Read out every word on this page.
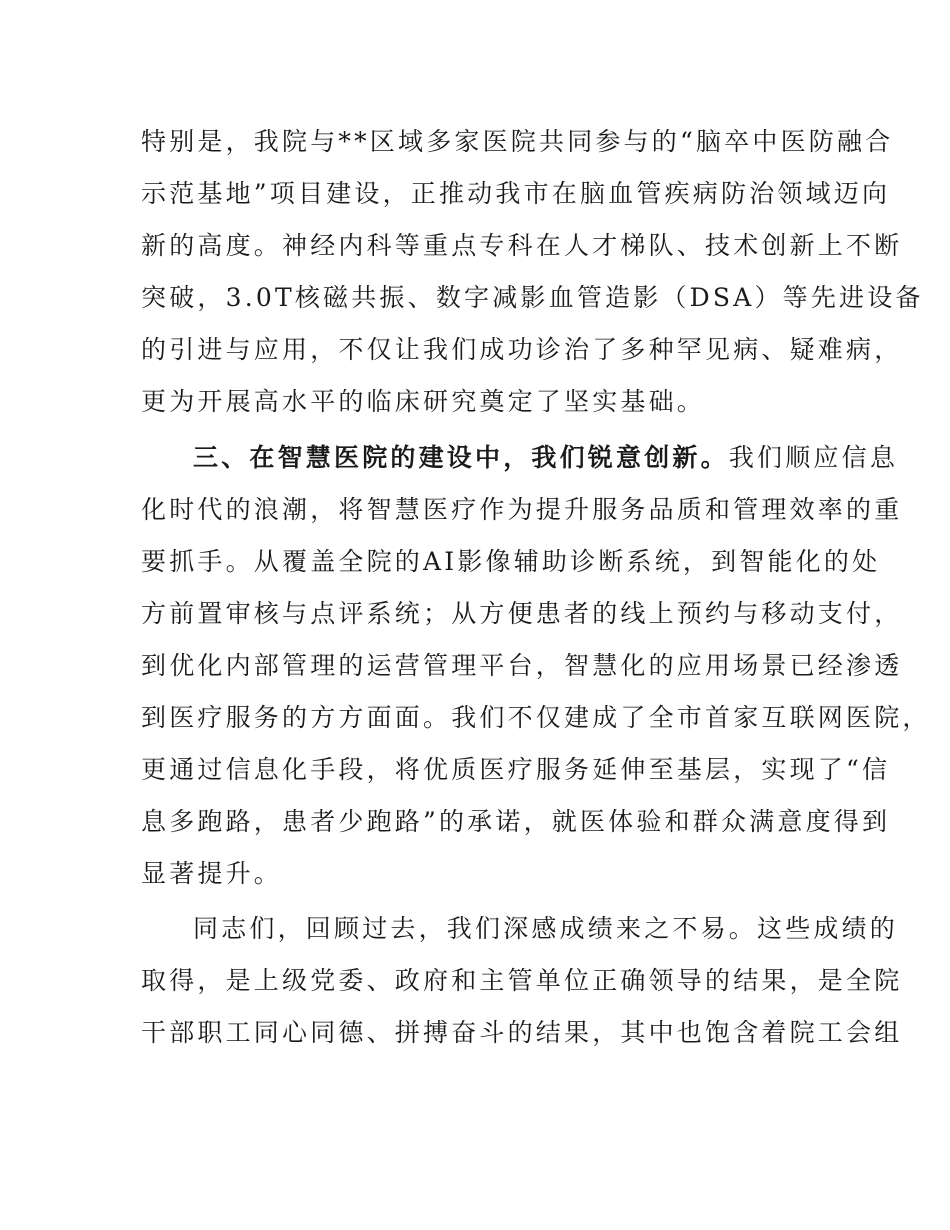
特别是，我院与**区域多家医院共同参与的“脑卒中医防融合
示范基地”项目建设，正推动我市在脑血管疾病防治领域迈向
新的高度。神经内科等重点专科在人才梯队、技术创新上不断
突破，3.0T核磁共振、数字减影血管造影（DSA）等先进设备
的引进与应用，不仅让我们成功诊治了多种罕见病、疑难病，
更为开展高水平的临床研究奠定了坚实基础。
三、在智慧医院的建设中，我们锐意创新。我们顺应信息
化时代的浪潮，将智慧医疗作为提升服务品质和管理效率的重
要抓手。从覆盖全院的AI影像辅助诊断系统，到智能化的处
方前置审核与点评系统；从方便患者的线上预约与移动支付，
到优化内部管理的运营管理平台，智慧化的应用场景已经渗透
到医疗服务的方方面面。我们不仅建成了全市首家互联网医院，
更通过信息化手段，将优质医疗服务延伸至基层，实现了“信
息多跑路，患者少跑路”的承诺，就医体验和群众满意度得到
显著提升。
同志们，回顾过去，我们深感成绩来之不易。这些成绩的
取得，是上级党委、政府和主管单位正确领导的结果，是全院
干部职工同心同德、拼搏奋斗的结果，其中也饱含着院工会组
